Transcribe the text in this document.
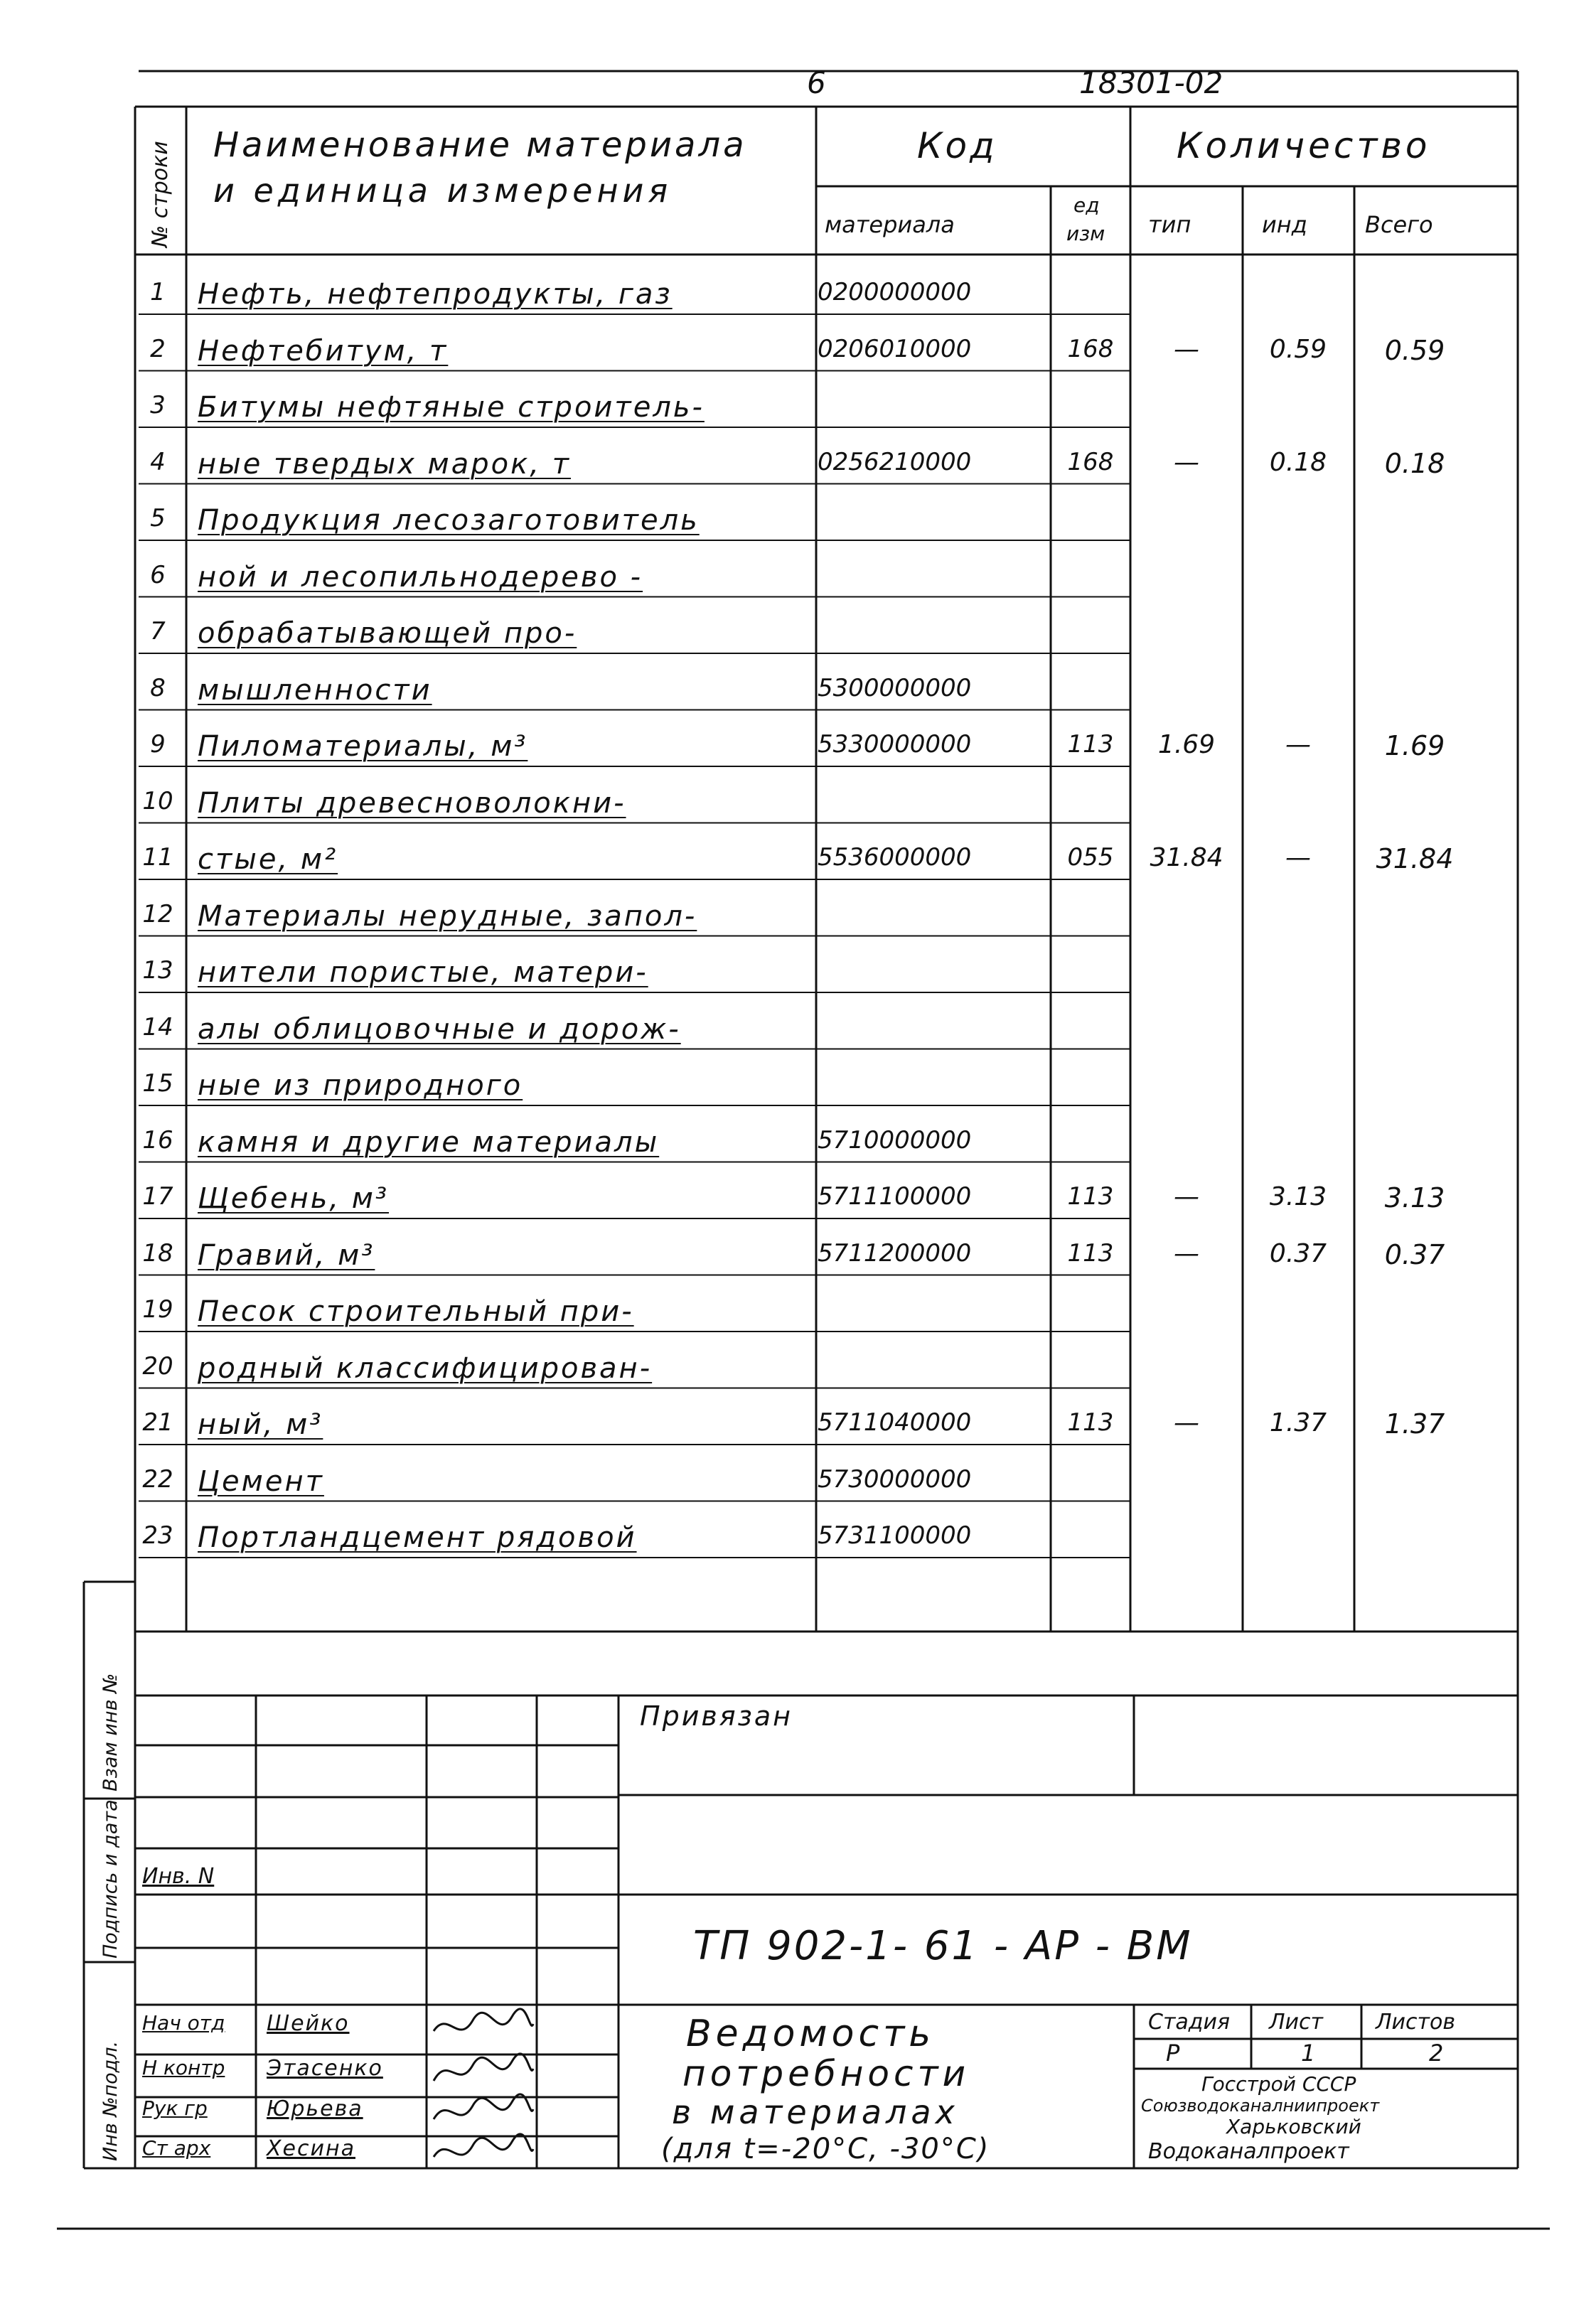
6	18301-02
№ строки Наименование материала
и единица измерения
Код
материала
ед
изм
Количество
тип	инд	Всего
1	Нефть, нефтепродукты, газ	0200000000
2	Нефтебитум, т	0206010000	168	—	0.59	0.59
3	Битумы нефтяные строитель-
4	ные твердых марок, т	0256210000	168	—	0.18	0.18
5	Продукция лесозаготовитель
6	ной и лесопильнодерево -
7	обрабатывающей про-
8	мышленности	5300000000
9	Пиломатериалы, м³	5330000000	113	1.69	—	1.69
10 Плиты древесноволокни-
11 стые, м²	5536000000	055	31.84	—	31.84
12 Материалы нерудные, запол-
13 нители пористые, матери-
14 алы облицовочные и дорож-
15 ные из природного
16 камня и другие материалы	5710000000
17 Щебень, м³	5711100000	113	—	3.13	3.13
18 Гравий, м³	5711200000	113	—	0.37	0.37
19 Песок строительный при-
20 родный классифицирован-
21 ный, м³	5711040000	113	—	1.37	1.37
22 Цемент	5730000000
23 Портландцемент рядовой	5731100000
Взам инв №
Подпись и дата
Инв №подл.
Привязан
Инв. N
ТП 902-1- 61 - АР - ВМ
Ведомость
потребности
в материалах
(для t=-20°C, -30°C)
Стадия Лист Листов
Р	1	2
Госстрой СССР
Союзводоканалниипроект
Харьковский
Водоканалпроект
Нач отд Шейко
Н контр Этасенко
Рук гр	Юрьева
Ст арх	Хесина
